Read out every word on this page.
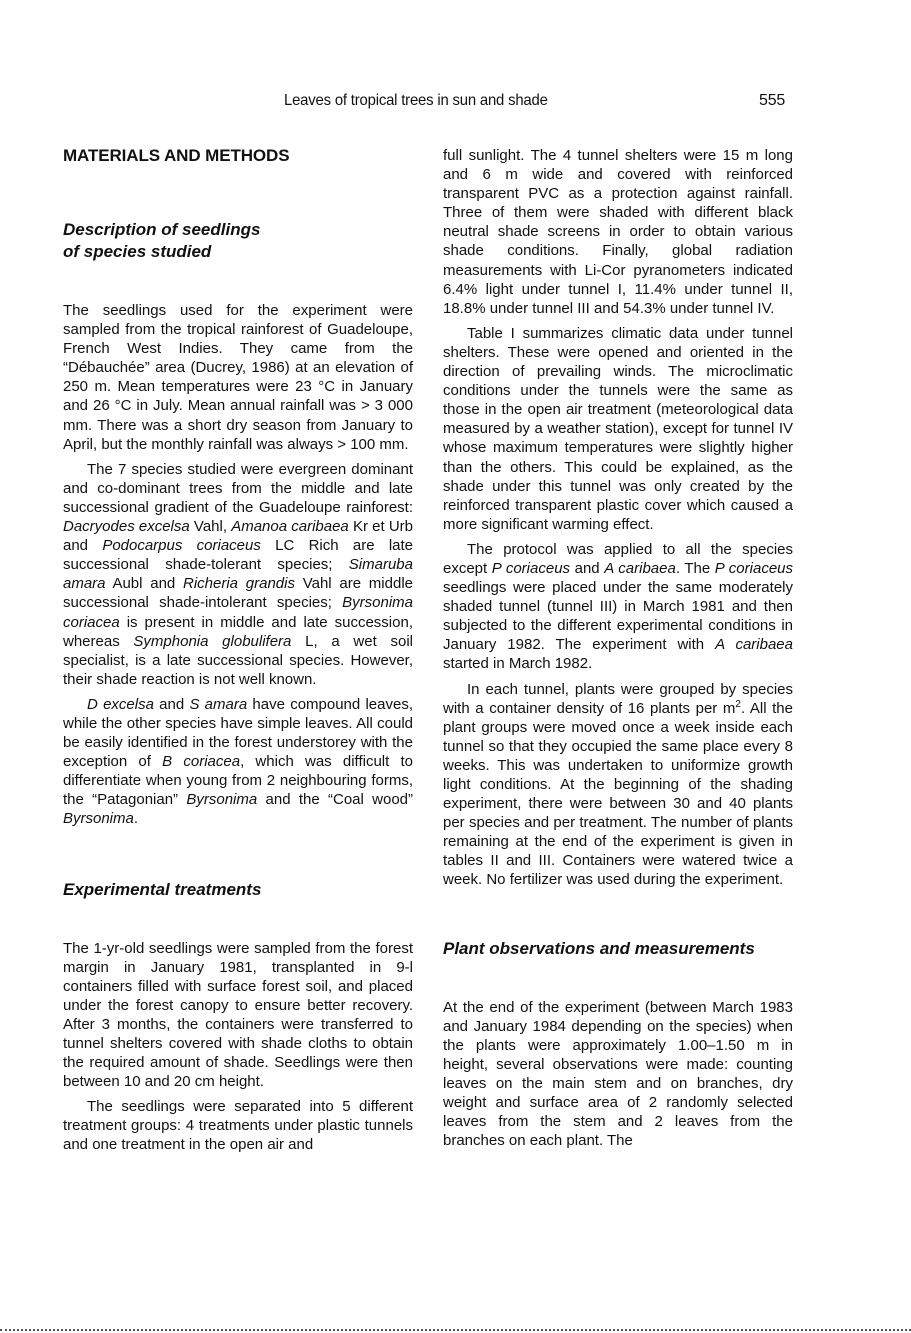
Leaves of tropical trees in sun and shade	555
MATERIALS AND METHODS
Description of seedlings
of species studied

The seedlings used for the experiment were sampled from the tropical rainforest of Guadeloupe, French West Indies. They came from the “Débauchée” area (Ducrey, 1986) at an elevation of 250 m. Mean temperatures were 23 °C in January and 26 °C in July. Mean annual rainfall was > 3 000 mm. There was a short dry season from January to April, but the monthly rainfall was always > 100 mm.

The 7 species studied were evergreen dominant and co-dominant trees from the middle and late successional gradient of the Guadeloupe rainforest: Dacryodes excelsa Vahl, Amanoa caribaea Kr et Urb and Podocarpus coriaceus LC Rich are late successional shade-tolerant species; Simaruba amara Aubl and Richeria grandis Vahl are middle successional shade-intolerant species; Byrsonima coriacea is present in middle and late succession, whereas Symphonia globulifera L, a wet soil specialist, is a late successional species. However, their shade reaction is not well known.

D excelsa and S amara have compound leaves, while the other species have simple leaves. All could be easily identified in the forest understorey with the exception of B coriacea, which was difficult to differentiate when young from 2 neighbouring forms, the “Patagonian” Byrsonima and the “Coal wood” Byrsonima.

Experimental treatments

The 1-yr-old seedlings were sampled from the forest margin in January 1981, transplanted in 9-l containers filled with surface forest soil, and placed under the forest canopy to ensure better recovery. After 3 months, the containers were transferred to tunnel shelters covered with shade cloths to obtain the required amount of shade. Seedlings were then between 10 and 20 cm height.

The seedlings were separated into 5 different treatment groups: 4 treatments under plastic tunnels and one treatment in the open air and

full sunlight. The 4 tunnel shelters were 15 m long and 6 m wide and covered with reinforced transparent PVC as a protection against rainfall. Three of them were shaded with different black neutral shade screens in order to obtain various shade conditions. Finally, global radiation measurements with Li-Cor pyranometers indicated 6.4% light under tunnel I, 11.4% under tunnel II, 18.8% under tunnel III and 54.3% under tunnel IV.

Table I summarizes climatic data under tunnel shelters. These were opened and oriented in the direction of prevailing winds. The microclimatic conditions under the tunnels were the same as those in the open air treatment (meteorological data measured by a weather station), except for tunnel IV whose maximum temperatures were slightly higher than the others. This could be explained, as the shade under this tunnel was only created by the reinforced transparent plastic cover which caused a more significant warming effect.

The protocol was applied to all the species except P coriaceus and A caribaea. The P coriaceus seedlings were placed under the same moderately shaded tunnel (tunnel III) in March 1981 and then subjected to the different experimental conditions in January 1982. The experiment with A caribaea started in March 1982.

In each tunnel, plants were grouped by species with a container density of 16 plants per $m^2$. All the plant groups were moved once a week inside each tunnel so that they occupied the same place every 8 weeks. This was undertaken to uniformize growth light conditions. At the beginning of the shading experiment, there were between 30 and 40 plants per species and per treatment. The number of plants remaining at the end of the experiment is given in tables II and III. Containers were watered twice a week. No fertilizer was used during the experiment.

Plant observations and measurements

At the end of the experiment (between March 1983 and January 1984 depending on the species) when the plants were approximately 1.00–1.50 m in height, several observations were made: counting leaves on the main stem and on branches, dry weight and surface area of 2 randomly selected leaves from the stem and 2 leaves from the branches on each plant. The
